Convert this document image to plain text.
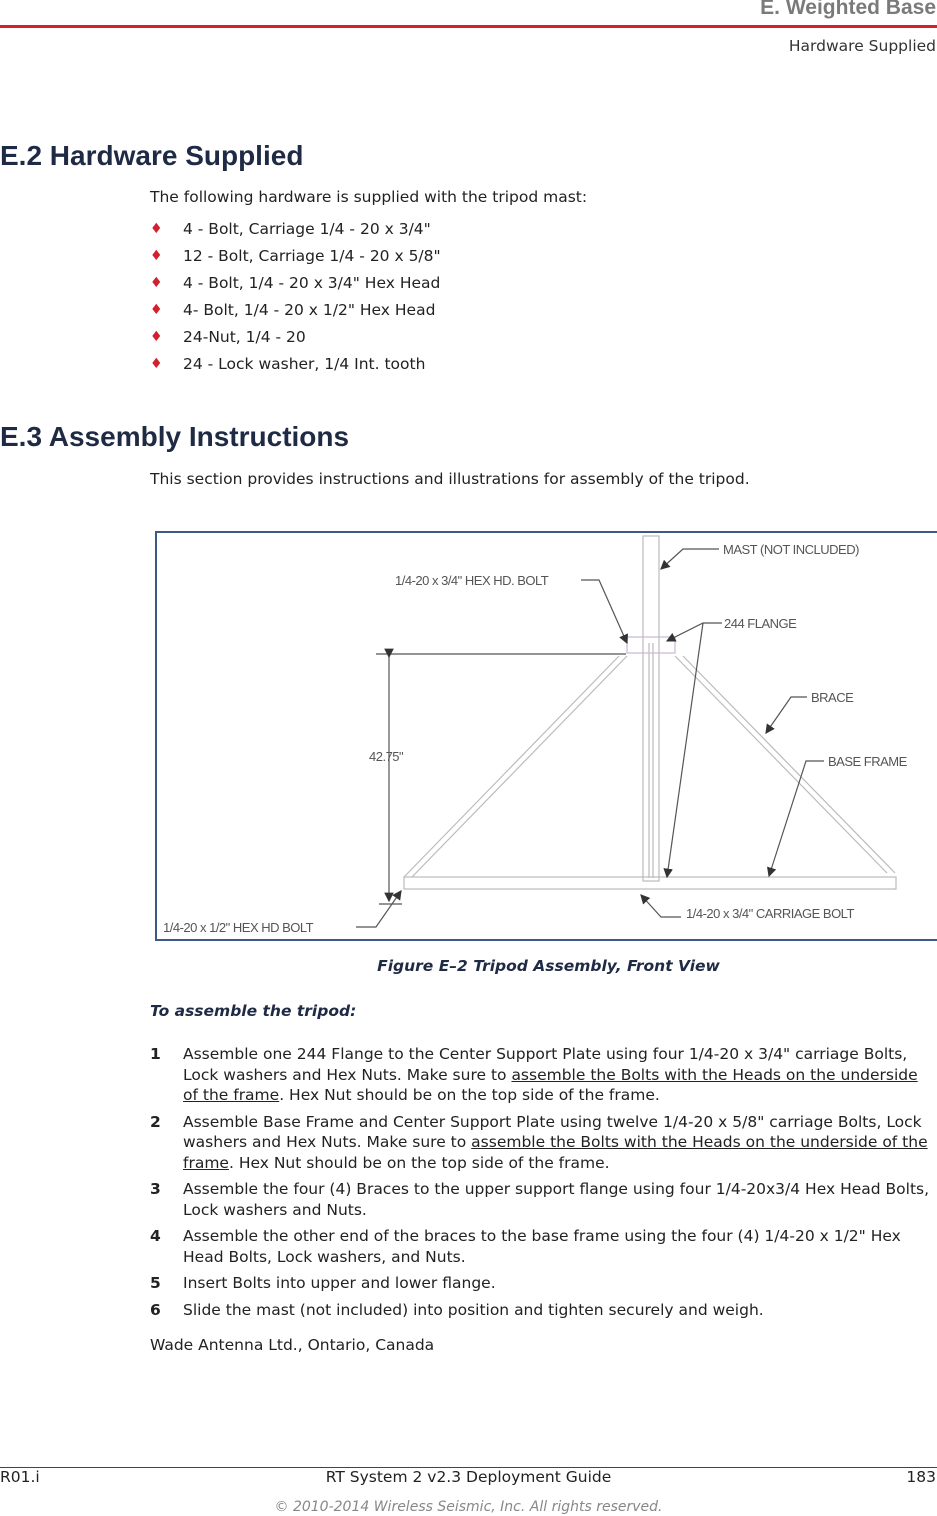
E. Weighted Base
Hardware Supplied
E.2 Hardware Supplied
The following hardware is supplied with the tripod mast:
♦ 4 - Bolt, Carriage 1/4 - 20 x 3/4"
♦ 12 - Bolt, Carriage 1/4 - 20 x 5/8"
♦ 4 - Bolt, 1/4 - 20 x 3/4" Hex Head
♦ 4- Bolt, 1/4 - 20 x 1/2" Hex Head
♦ 24-Nut, 1/4 - 20
♦ 24 - Lock washer, 1/4 Int. tooth
E.3 Assembly Instructions
This section provides instructions and illustrations for assembly of the tripod.
MAST (NOT INCLUDED)
1/4-20 x 3/4" HEX HD. BOLT
244 FLANGE
BRACE
BASE FRAME
42.75"
1/4-20 x 3/4" CARRIAGE BOLT
1/4-20 x 1/2" HEX HD BOLT
Figure E–2 Tripod Assembly, Front View
To assemble the tripod:
1 Assemble one 244 Flange to the Center Support Plate using four 1/4-20 x 3/4" carriage Bolts, Lock washers and Hex Nuts. Make sure to assemble the Bolts with the Heads on the underside of the frame. Hex Nut should be on the top side of the frame.
2 Assemble Base Frame and Center Support Plate using twelve 1/4-20 x 5/8" carriage Bolts, Lock washers and Hex Nuts. Make sure to assemble the Bolts with the Heads on the underside of the frame. Hex Nut should be on the top side of the frame.
3 Assemble the four (4) Braces to the upper support flange using four 1/4-20x3/4 Hex Head Bolts, Lock washers and Nuts.
4 Assemble the other end of the braces to the base frame using the four (4) 1/4-20 x 1/2" Hex Head Bolts, Lock washers, and Nuts.
5 Insert Bolts into upper and lower flange.
6 Slide the mast (not included) into position and tighten securely and weigh.
Wade Antenna Ltd., Ontario, Canada
R01.i	RT System 2 v2.3 Deployment Guide	183
© 2010-2014 Wireless Seismic, Inc. All rights reserved.
